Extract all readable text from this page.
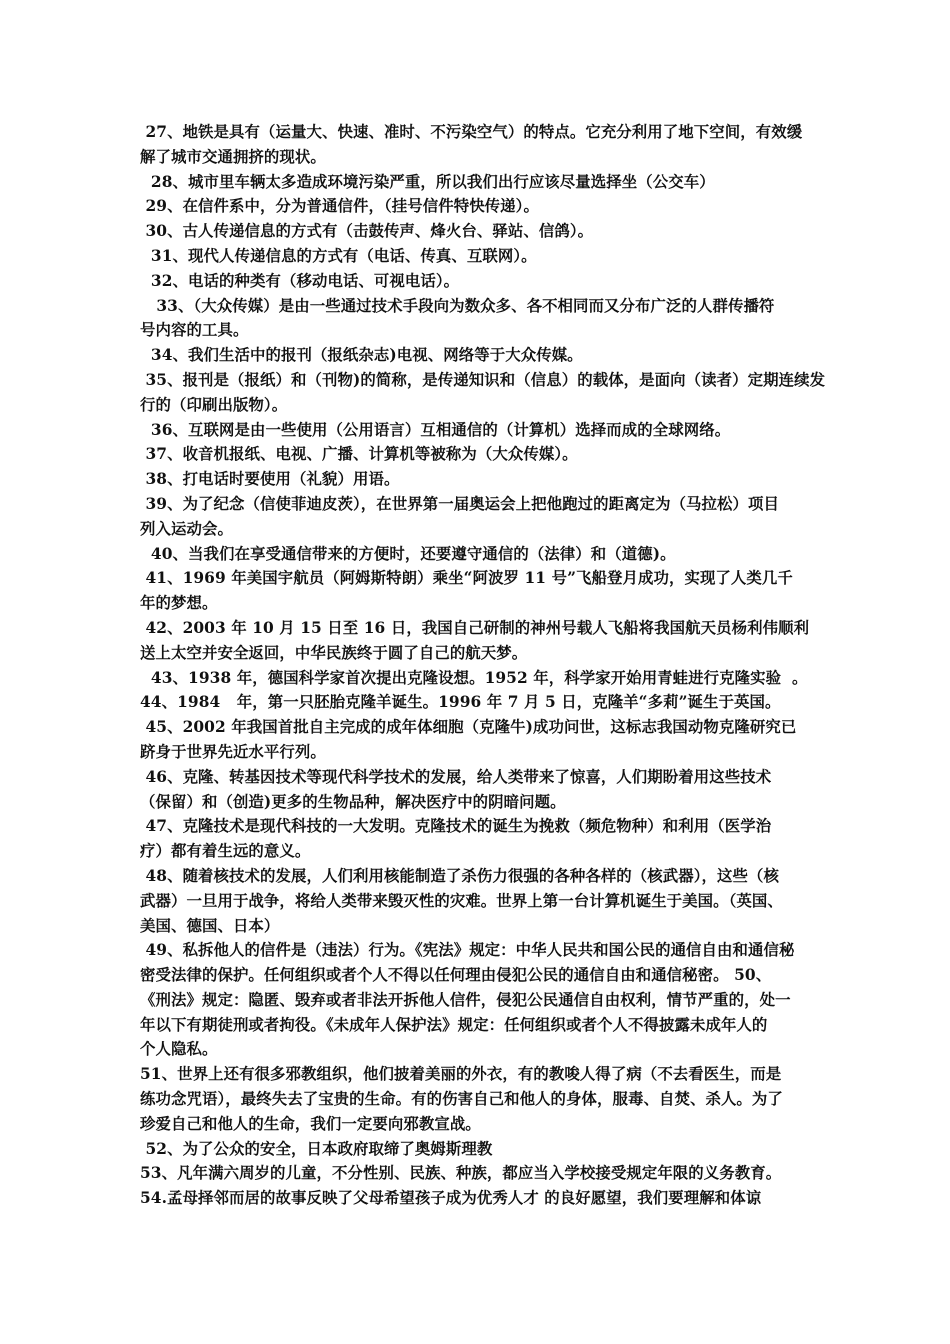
27、地铁是具有（运量大、快速、准时、不污染空气）的特点。它充分利用了地下空间，有效缓
解了城市交通拥挤的现状。
28、城市里车辆太多造成环境污染严重，所以我们出行应该尽量选择坐（公交车）
29、在信件系中，分为普通信件，（挂号信件特快传递）。
30、古人传递信息的方式有（击鼓传声、烽火台、驿站、信鸽）。
31、现代人传递信息的方式有（电话、传真、互联网）。
32、电话的种类有（移动电话、可视电话）。
33、（大众传媒）是由一些通过技术手段向为数众多、各不相同而又分布广泛的人群传播符
号内容的工具。
34、我们生活中的报刊（报纸杂志)电视、网络等于大众传媒。
35、报刊是（报纸）和（刊物)的简称，是传递知识和（信息）的载体，是面向（读者）定期连续发
行的（印刷出版物）。
36、互联网是由一些使用（公用语言）互相通信的（计算机）选择而成的全球网络。
37、收音机报纸、电视、广播、计算机等被称为（大众传媒）。
38、打电话时要使用（礼貌）用语。
39、为了纪念（信使菲迪皮茨），在世界第一届奥运会上把他跑过的距离定为（马拉松）项目
列入运动会。
40、当我们在享受通信带来的方便时，还要遵守通信的（法律）和（道德)。
41、1969 年美国宇航员（阿姆斯特朗）乘坐“阿波罗 11 号”飞船登月成功，实现了人类几千
年的梦想。
42、2003 年 10 月 15 日至 16 日，我国自己研制的神州号载人飞船将我国航天员杨利伟顺利
送上太空并安全返回，中华民族终于圆了自己的航天梦。
43、1938 年，德国科学家首次提出克隆设想。1952 年，科学家开始用青蛙进行克隆实验  。
44、1984   年，第一只胚胎克隆羊诞生。1996 年 7 月 5 日，克隆羊“多莉”诞生于英国。
45、2002 年我国首批自主完成的成年体细胞（克隆牛)成功问世，这标志我国动物克隆研究已
跻身于世界先近水平行列。
46、克隆、转基因技术等现代科学技术的发展，给人类带来了惊喜，人们期盼着用这些技术
（保留）和（创造)更多的生物品种，解决医疗中的阴暗问题。
47、克隆技术是现代科技的一大发明。克隆技术的诞生为挽救（频危物种）和利用（医学治
疗）都有着生远的意义。
48、随着核技术的发展，人们利用核能制造了杀伤力很强的各种各样的（核武器），这些（核
武器）一旦用于战争，将给人类带来毁灭性的灾难。世界上第一台计算机诞生于美国。（英国、
美国、德国、日本）
49、私拆他人的信件是（违法）行为。《宪法》规定：中华人民共和国公民的通信自由和通信秘
密受法律的保护。任何组织或者个人不得以任何理由侵犯公民的通信自由和通信秘密。 50、
《刑法》规定：隐匿、毁弃或者非法开拆他人信件，侵犯公民通信自由权利，情节严重的，处一
年以下有期徒刑或者拘役。《未成年人保护法》规定：任何组织或者个人不得披露未成年人的
个人隐私。
51、世界上还有很多邪教组织，他们披着美丽的外衣，有的教唆人得了病（不去看医生，而是
练功念咒语），最终失去了宝贵的生命。有的伤害自己和他人的身体，服毒、自焚、杀人。为了
珍爱自己和他人的生命，我们一定要向邪教宣战。
52、为了公众的安全，日本政府取缔了奥姆斯理教
53、凡年满六周岁的儿童，不分性别、民族、种族，都应当入学校接受规定年限的义务教育。
54.孟母择邻而居的故事反映了父母希望孩子成为优秀人才 的良好愿望，我们要理解和体谅
